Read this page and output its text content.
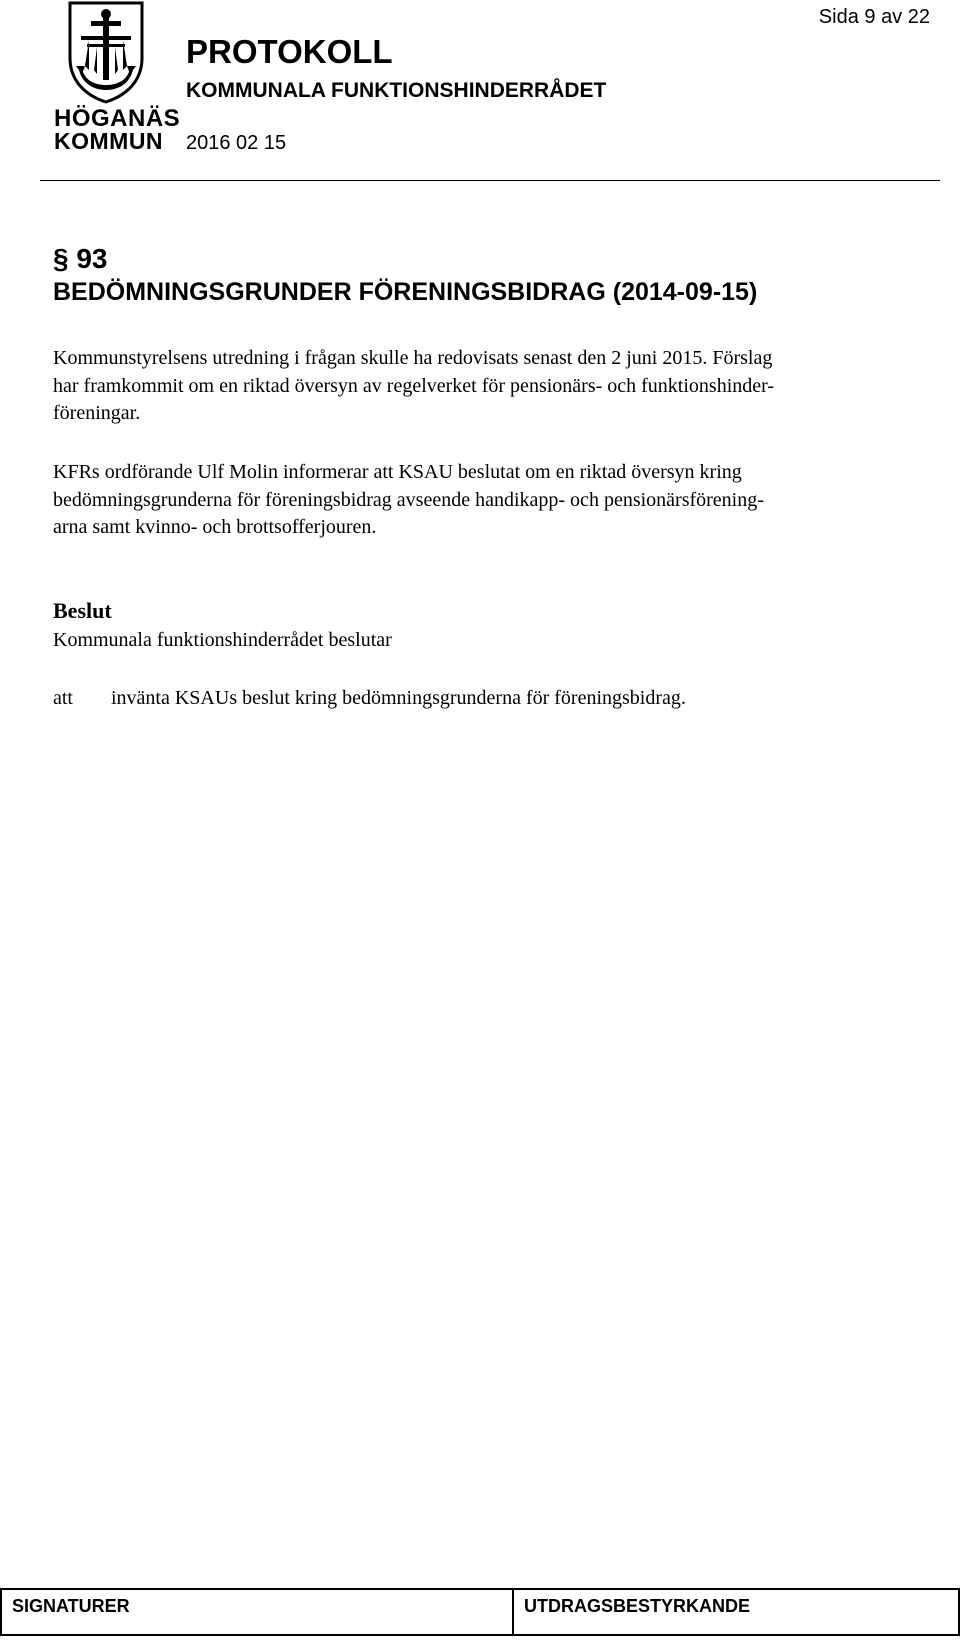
HÖGANÄS
KOMMUN
Sida 9 av 22
PROTOKOLL
KOMMUNALA FUNKTIONSHINDERRÅDET
2016 02 15
§ 93
BEDÖMNINGSGRUNDER FÖRENINGSBIDRAG (2014-09-15)
Kommunstyrelsens utredning i frågan skulle ha redovisats senast den 2 juni 2015. Förslag
har framkommit om en riktad översyn av regelverket för pensionärs- och funktionshinder-
föreningar.
KFRs ordförande Ulf Molin informerar att KSAU beslutat om en riktad översyn kring
bedömningsgrunderna för föreningsbidrag avseende handikapp- och pensionärsförening-
arna samt kvinno- och brottsofferjouren.
Beslut
Kommunala funktionshinderrådet beslutar
att invänta KSAUs beslut kring bedömningsgrunderna för föreningsbidrag.
SIGNATURER	UTDRAGSBESTYRKANDE
